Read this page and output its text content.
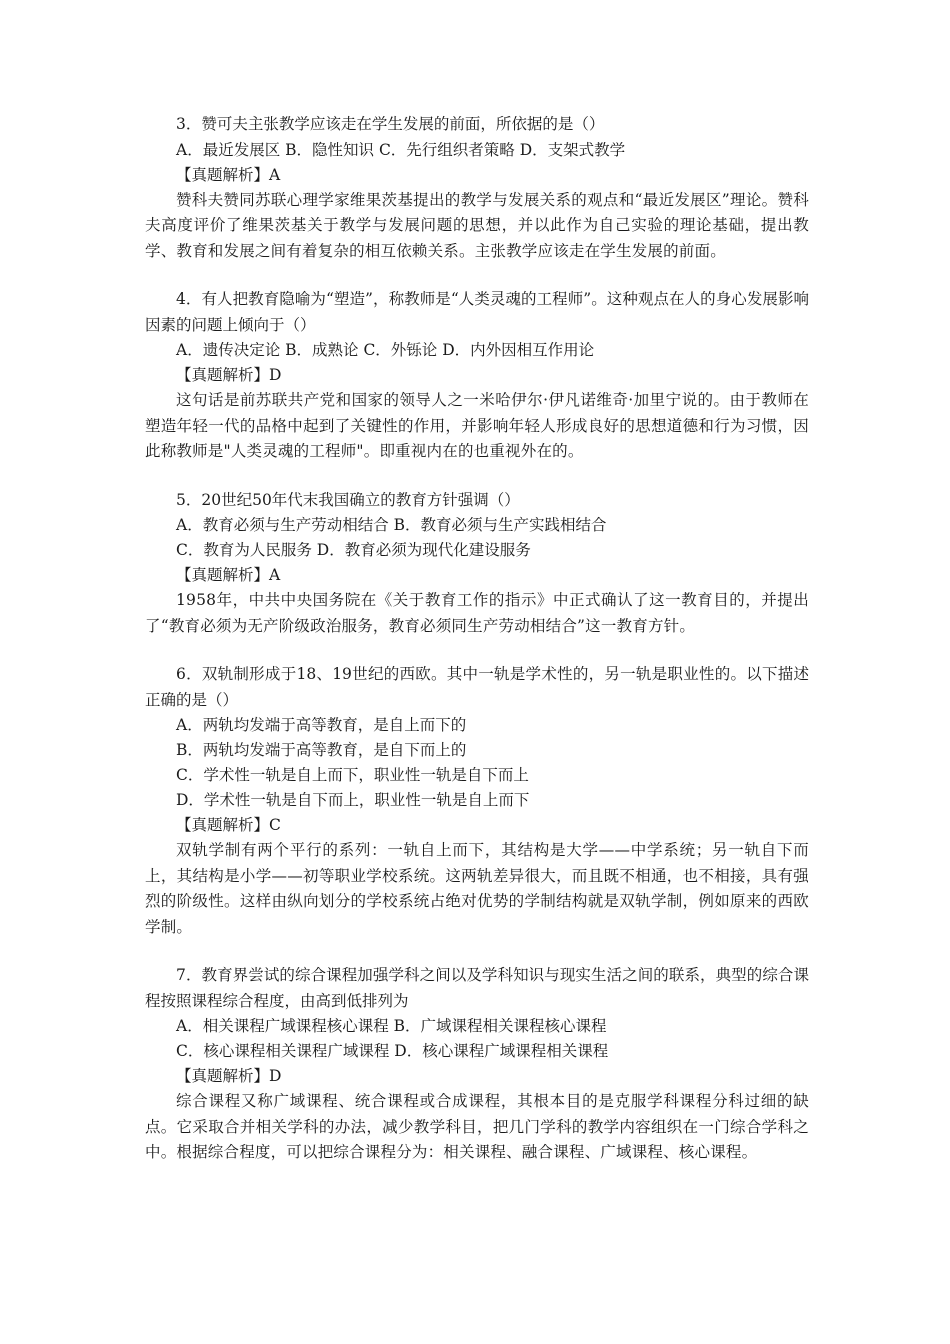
3．赞可夫主张教学应该走在学生发展的前面，所依据的是（）
A．最近发展区 B．隐性知识 C．先行组织者策略 D．支架式教学
【真题解析】A
赞科夫赞同苏联心理学家维果茨基提出的教学与发展关系的观点和“最近发展区”理论。赞科夫高度评价了维果茨基关于教学与发展问题的思想，并以此作为自己实验的理论基础，提出教学、教育和发展之间有着复杂的相互依赖关系。主张教学应该走在学生发展的前面。
4．有人把教育隐喻为“塑造”，称教师是“人类灵魂的工程师”。这种观点在人的身心发展影响因素的问题上倾向于（）
A．遗传决定论 B．成熟论 C．外铄论 D．内外因相互作用论
【真题解析】D
这句话是前苏联共产党和国家的领导人之一米哈伊尔·伊凡诺维奇·加里宁说的。由于教师在塑造年轻一代的品格中起到了关键性的作用，并影响年轻人形成良好的思想道德和行为习惯，因此称教师是"人类灵魂的工程师"。即重视内在的也重视外在的。
5．20世纪50年代末我国确立的教育方针强调（）
A．教育必须与生产劳动相结合 B．教育必须与生产实践相结合
C．教育为人民服务 D．教育必须为现代化建设服务
【真题解析】A
1958年，中共中央国务院在《关于教育工作的指示》中正式确认了这一教育目的，并提出了“教育必须为无产阶级政治服务，教育必须同生产劳动相结合”这一教育方针。
6．双轨制形成于18、19世纪的西欧。其中一轨是学术性的，另一轨是职业性的。以下描述正确的是（）
A．两轨均发端于高等教育，是自上而下的
B．两轨均发端于高等教育，是自下而上的
C．学术性一轨是自上而下，职业性一轨是自下而上
D．学术性一轨是自下而上，职业性一轨是自上而下
【真题解析】C
双轨学制有两个平行的系列：一轨自上而下，其结构是大学——中学系统；另一轨自下而上，其结构是小学——初等职业学校系统。这两轨差异很大，而且既不相通，也不相接，具有强烈的阶级性。这样由纵向划分的学校系统占绝对优势的学制结构就是双轨学制，例如原来的西欧学制。
7．教育界尝试的综合课程加强学科之间以及学科知识与现实生活之间的联系，典型的综合课程按照课程综合程度，由高到低排列为
A．相关课程广域课程核心课程 B．广域课程相关课程核心课程
C．核心课程相关课程广域课程 D．核心课程广域课程相关课程
【真题解析】D
综合课程又称广域课程、统合课程或合成课程，其根本目的是克服学科课程分科过细的缺点。它采取合并相关学科的办法，减少教学科目，把几门学科的教学内容组织在一门综合学科之中。根据综合程度，可以把综合课程分为：相关课程、融合课程、广域课程、核心课程。
